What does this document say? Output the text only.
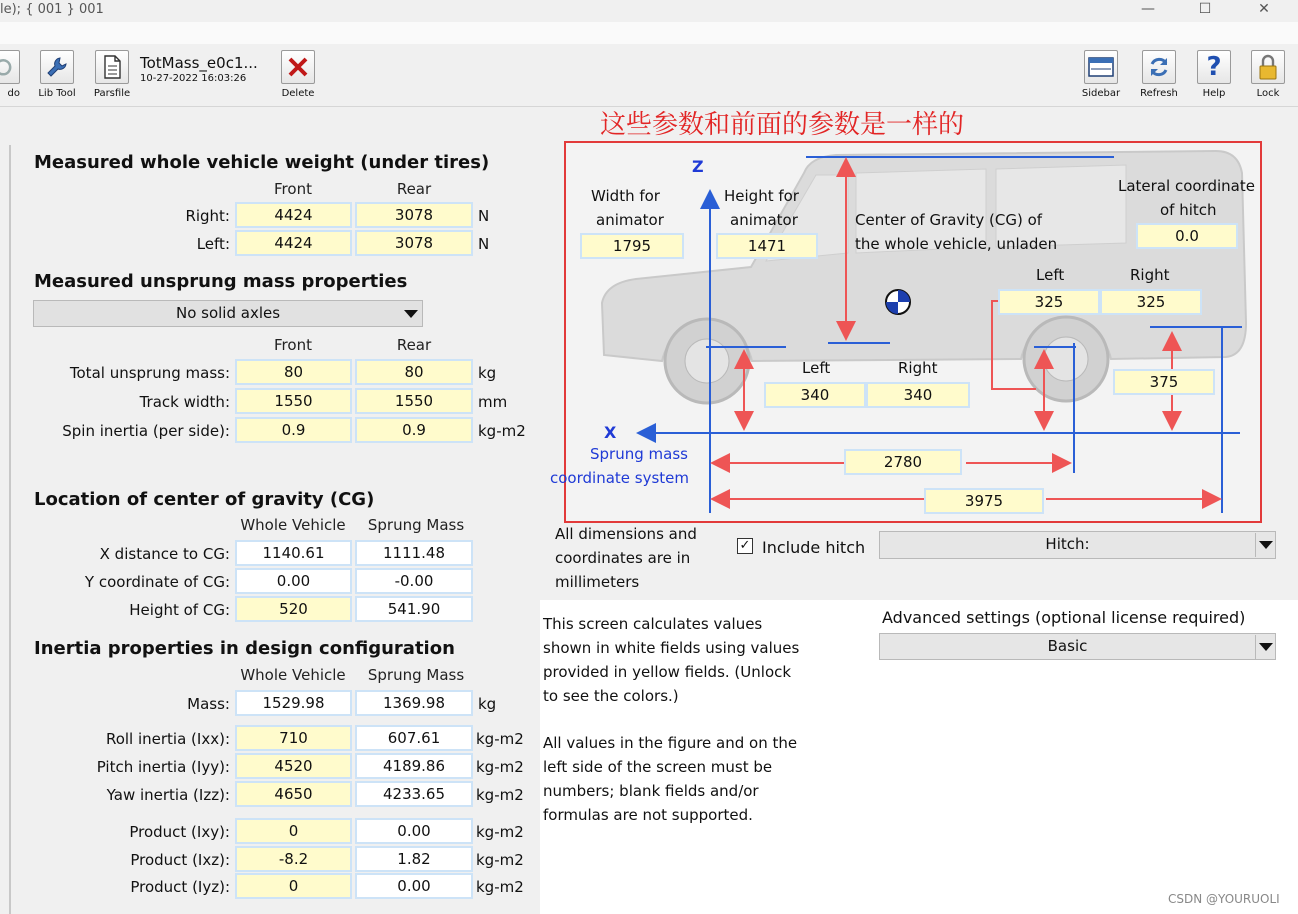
le); { 001 } 001	—	☐	✕
do Lib Tool Parsfile
TotMass_e0c1...
10-27-2022 16:03:26
Delete	Sidebar	Refresh
?
Help	Lock
Measured whole vehicle weight (under tires)
Front	Rear
Right:	4424	3078	N
Left:	4424	3078	N
Measured unsprung mass properties
No solid axles
Front	Rear
Total unsprung mass:	80	80	kg
Track width:	1550	1550	mm
Spin inertia (per side):	0.9	0.9	kg-m2
Location of center of gravity (CG)
Whole Vehicle	Sprung Mass
X distance to CG:	1140.61	1111.48
Y coordinate of CG:	0.00	-0.00
Height of CG:	520	541.90
Inertia properties in design configuration
Whole Vehicle	Sprung Mass
Mass:	1529.98	1369.98	kg
Roll inertia (Ixx):	710	607.61	kg-m2
Pitch inertia (Iyy):	4520	4189.86	kg-m2
Yaw inertia (Izz):	4650	4233.65	kg-m2
Product (Ixy):	0	0.00	kg-m2
Product (Ixz):	-8.2	1.82	kg-m2
Product (Iyz):	0	0.00	kg-m2
这些参数和前面的参数是一样的
Z
X
Width for
animator
1795
Height for
animator
1471
Center of Gravity (CG) of
the whole vehicle, unladen
Lateral coordinate
of hitch
0.0
Left	Right
325	325
Left	Right
340	340
375
2780
3975
Sprung mass
coordinate system
All dimensions and
coordinates are in
millimeters
✓ Include hitch	Hitch:
Advanced settings (optional license required)
Basic
This screen calculates values
shown in white fields using values
provided in yellow fields. (Unlock
to see the colors.)
All values in the figure and on the
left side of the screen must be
numbers; blank fields and/or
formulas are not supported.
CSDN @YOURUOLI
